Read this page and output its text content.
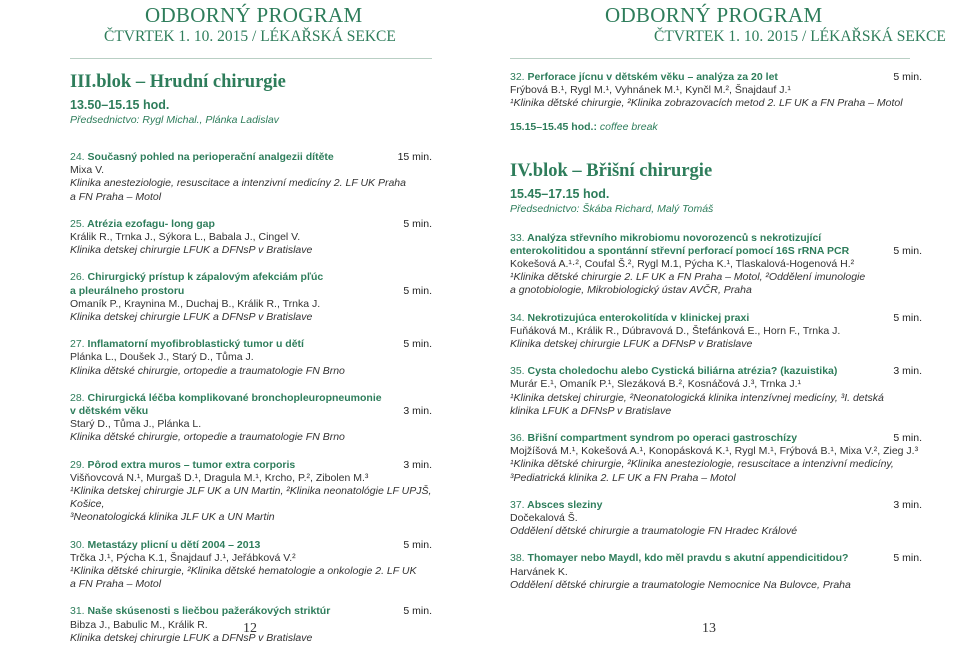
ODBORNÝ PROGRAM
ČTVRTEK 1. 10. 2015 / LÉKAŘSKÁ SEKCE
III.blok – Hrudní chirurgie
13.50–15.15 hod.
Předsednictvo: Rygl Michal., Plánka Ladislav
24. Současný pohled na perioperační analgezii dítěte	15 min.
Mixa V.
Klinika anesteziologie, resuscitace a intenzivní medicíny 2. LF UK Praha
a FN Praha – Motol
25. Atrézia ezofagu- long gap	5 min.
Králik R., Trnka J., Sýkora L., Babala J., Cingel V.
Klinika detskej chirurgie LFUK a DFNsP v Bratislave
26. Chirurgický prístup k zápalovým afekciám pľúc
a pleurálneho prostoru	5 min.
Omaník P., Kraynina M., Duchaj B., Králik R., Trnka J.
Klinika detskej chirurgie LFUK a DFNsP v Bratislave
27. Inflamatorní myofibroblastický tumor u dětí	5 min.
Plánka L., Doušek J., Starý D., Tůma J.
Klinika dětské chirurgie, ortopedie a traumatologie FN Brno
28. Chirurgická léčba komplikované bronchopleuropneumonie
v dětském věku	3 min.
Starý D., Tůma J., Plánka L.
Klinika dětské chirurgie, ortopedie a traumatologie FN Brno
29. Pôrod extra muros – tumor extra corporis	3 min.
Višňovcová N.¹, Murgaš D.¹, Dragula M.¹, Krcho, P.², Zibolen M.³
¹Klinika detskej chirurgie JLF UK a UN Martin, ²Klinika neonatológie LF UPJŠ, Košice,
³Neonatologická klinika JLF UK a UN Martin
30. Metastázy plicní u dětí 2004 – 2013	5 min.
Trčka J.¹, Pýcha K.1, Šnajdauf J.¹, Jeřábková V.²
¹Klinika dětské chirurgie, ²Klinika dětské hematologie a onkologie 2. LF UK
a FN Praha – Motol
31. Naše skúsenosti s liečbou pažerákových striktúr	5 min.
Bibza J., Babulic M., Králik R.
Klinika detskej chirurgie LFUK a DFNsP v Bratislave
12
ODBORNÝ PROGRAM
ČTVRTEK 1. 10. 2015 / LÉKAŘSKÁ SEKCE
32. Perforace jícnu v dětském věku – analýza za 20 let	5 min.
Frýbová B.¹, Rygl M.¹, Vyhnánek M.¹, Kynčl M.², Šnajdauf J.¹
¹Klinika dětské chirurgie, ²Klinika zobrazovacích metod 2. LF UK a FN Praha – Motol
15.15–15.45 hod.: coffee break
IV.blok – Břišní chirurgie
15.45–17.15 hod.
Předsednictvo: Škába Richard, Malý Tomáš
33. Analýza střevního mikrobiomu novorozenců s nekrotizující
enterokolitidou a spontánní střevní perforací pomocí 16S rRNA PCR	5 min.
Kokešová A.¹·², Coufal Š.², Rygl M.1, Pýcha K.¹, Tlaskalová-Hogenová H.²
¹Klinika dětské chirurgie 2. LF UK a FN Praha – Motol, ²Oddělení imunologie
a gnotobiologie, Mikrobiologický ústav AVČR, Praha
34. Nekrotizujúca enterokolitída v klinickej praxi	5 min.
Fuňáková M., Králik R., Dúbravová D., Štefánková E., Horn F., Trnka J.
Klinika detskej chirurgie LFUK a DFNsP v Bratislave
35. Cysta choledochu alebo Cystická biliárna atrézia? (kazuistika)	3 min.
Murár E.¹, Omaník P.¹, Slezáková B.², Kosnáčová J.³, Trnka J.¹
¹Klinika detskej chirurgie, ²Neonatologická klinika intenzívnej medicíny, ³I. detská
klinika LFUK a DFNsP v Bratislave
36. Břišní compartment syndrom po operaci gastroschízy	5 min.
Mojžíšová M.¹, Kokešová A.¹, Konopásková K.¹, Rygl M.¹, Frýbová B.¹, Mixa V.², Zieg J.³
¹Klinika dětské chirurgie, ²Klinika anesteziologie, resuscitace a intenzivní medicíny,
³Pediatrická klinika 2. LF UK a FN Praha – Motol
37. Absces sleziny	3 min.
Dočekalová Š.
Oddělení dětské chirurgie a traumatologie FN Hradec Králové
38. Thomayer nebo Maydl, kdo měl pravdu s akutní appendicitidou?	5 min.
Harvánek K.
Oddělení dětské chirurgie a traumatologie Nemocnice Na Bulovce, Praha
13
